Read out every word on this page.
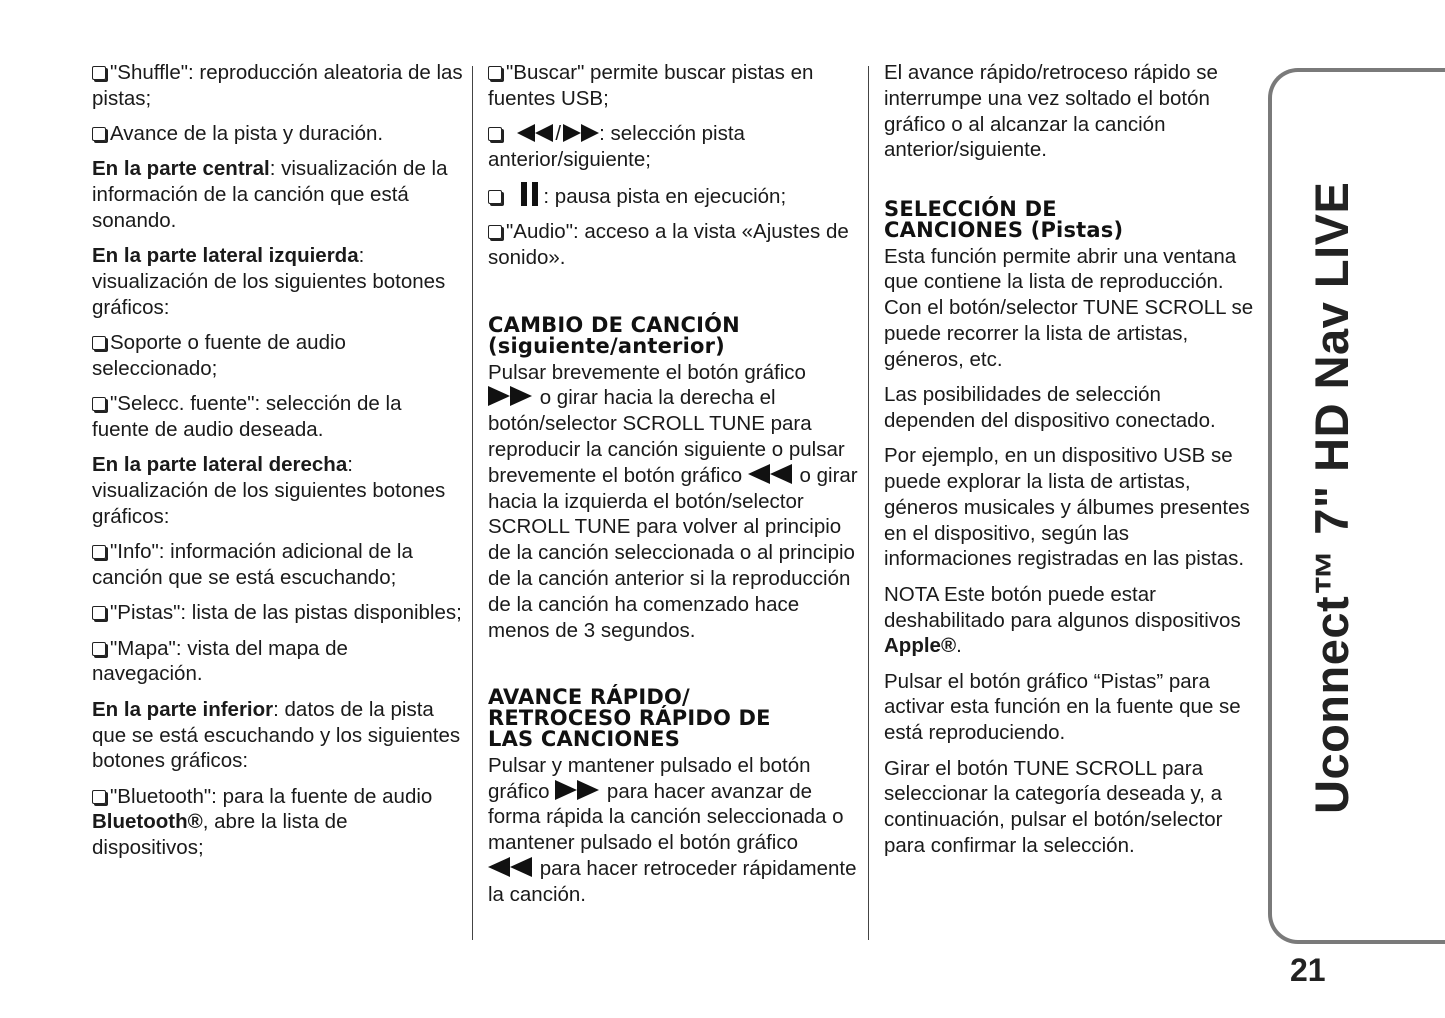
"Shuffle": reproducción aleatoria de las pistas;

Avance de la pista y duración.

En la parte central: visualización de la información de la canción que está sonando.

En la parte lateral izquierda: visualización de los siguientes botones gráficos:

Soporte o fuente de audio seleccionado;

"Selecc. fuente": selección de la fuente de audio deseada.

En la parte lateral derecha: visualización de los siguientes botones gráficos:

"Info": información adicional de la canción que se está escuchando;

"Pistas": lista de las pistas disponibles;

"Mapa": vista del mapa de navegación.

En la parte inferior: datos de la pista que se está escuchando y los siguientes botones gráficos:

"Bluetooth": para la fuente de audio Bluetooth®, abre la lista de dispositivos;

"Buscar" permite buscar pistas en fuentes USB;

/ : selección pista anterior/siguiente;

: pausa pista en ejecución;

"Audio": acceso a la vista «Ajustes de sonido».

CAMBIO DE CANCIÓN
(siguiente/anterior)

Pulsar brevemente el botón gráfico
o girar hacia la derecha el botón/selector SCROLL TUNE para reproducir la canción siguiente o pulsar brevemente el botón gráfico  o girar hacia la izquierda el botón/selector SCROLL TUNE para volver al principio de la canción seleccionada o al principio de la canción anterior si la reproducción de la canción ha comenzado hace menos de 3 segundos.

AVANCE RÁPIDO/
RETROCESO RÁPIDO DE
LAS CANCIONES

Pulsar y mantener pulsado el botón gráfico  para hacer avanzar de forma rápida la canción seleccionada o mantener pulsado el botón gráfico
para hacer retroceder rápidamente la canción.

El avance rápido/retroceso rápido se interrumpe una vez soltado el botón gráfico o al alcanzar la canción anterior/siguiente.

SELECCIÓN DE
CANCIONES (Pistas)

Esta función permite abrir una ventana que contiene la lista de reproducción. Con el botón/selector TUNE SCROLL se puede recorrer la lista de artistas, géneros, etc.

Las posibilidades de selección dependen del dispositivo conectado.

Por ejemplo, en un dispositivo USB se puede explorar la lista de artistas, géneros musicales y álbumes presentes en el dispositivo, según las informaciones registradas en las pistas.

NOTA Este botón puede estar deshabilitado para algunos dispositivos Apple®.

Pulsar el botón gráfico “Pistas” para activar esta función en la fuente que se está reproduciendo.

Girar el botón TUNE SCROLL para seleccionar la categoría deseada y, a continuación, pulsar el botón/selector para confirmar la selección.

Uconnect™ 7" HD Nav LIVE
21
